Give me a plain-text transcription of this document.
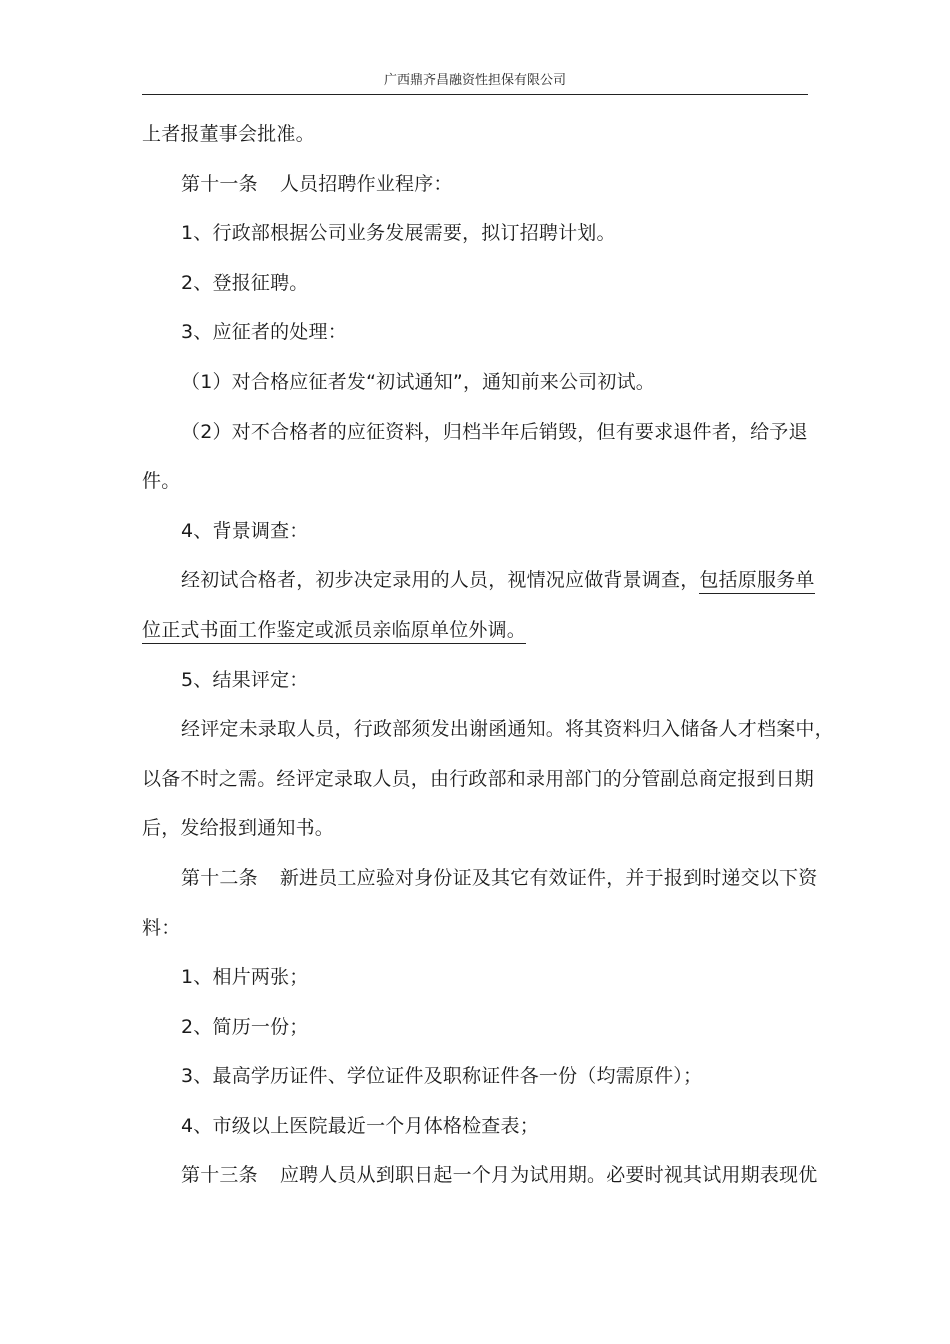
广西鼎齐昌融资性担保有限公司

上者报董事会批准。

第十一条 人员招聘作业程序：

1、行政部根据公司业务发展需要，拟订招聘计划。

2、登报征聘。

3、应征者的处理：

（1）对合格应征者发“初试通知”，通知前来公司初试。

（2）对不合格者的应征资料，归档半年后销毁，但有要求退件者，给予退

件。

4、背景调查：

经初试合格者，初步决定录用的人员，视情况应做背景调查，包括原服务单

位正式书面工作鉴定或派员亲临原单位外调。

5、结果评定：

经评定未录取人员，行政部须发出谢函通知。将其资料归入储备人才档案中，

以备不时之需。经评定录取人员，由行政部和录用部门的分管副总商定报到日期

后，发给报到通知书。

第十二条 新进员工应验对身份证及其它有效证件，并于报到时递交以下资

料：

1、相片两张；

2、简历一份；

3、最高学历证件、学位证件及职称证件各一份（均需原件）；

4、市级以上医院最近一个月体格检查表；

第十三条 应聘人员从到职日起一个月为试用期。必要时视其试用期表现优
